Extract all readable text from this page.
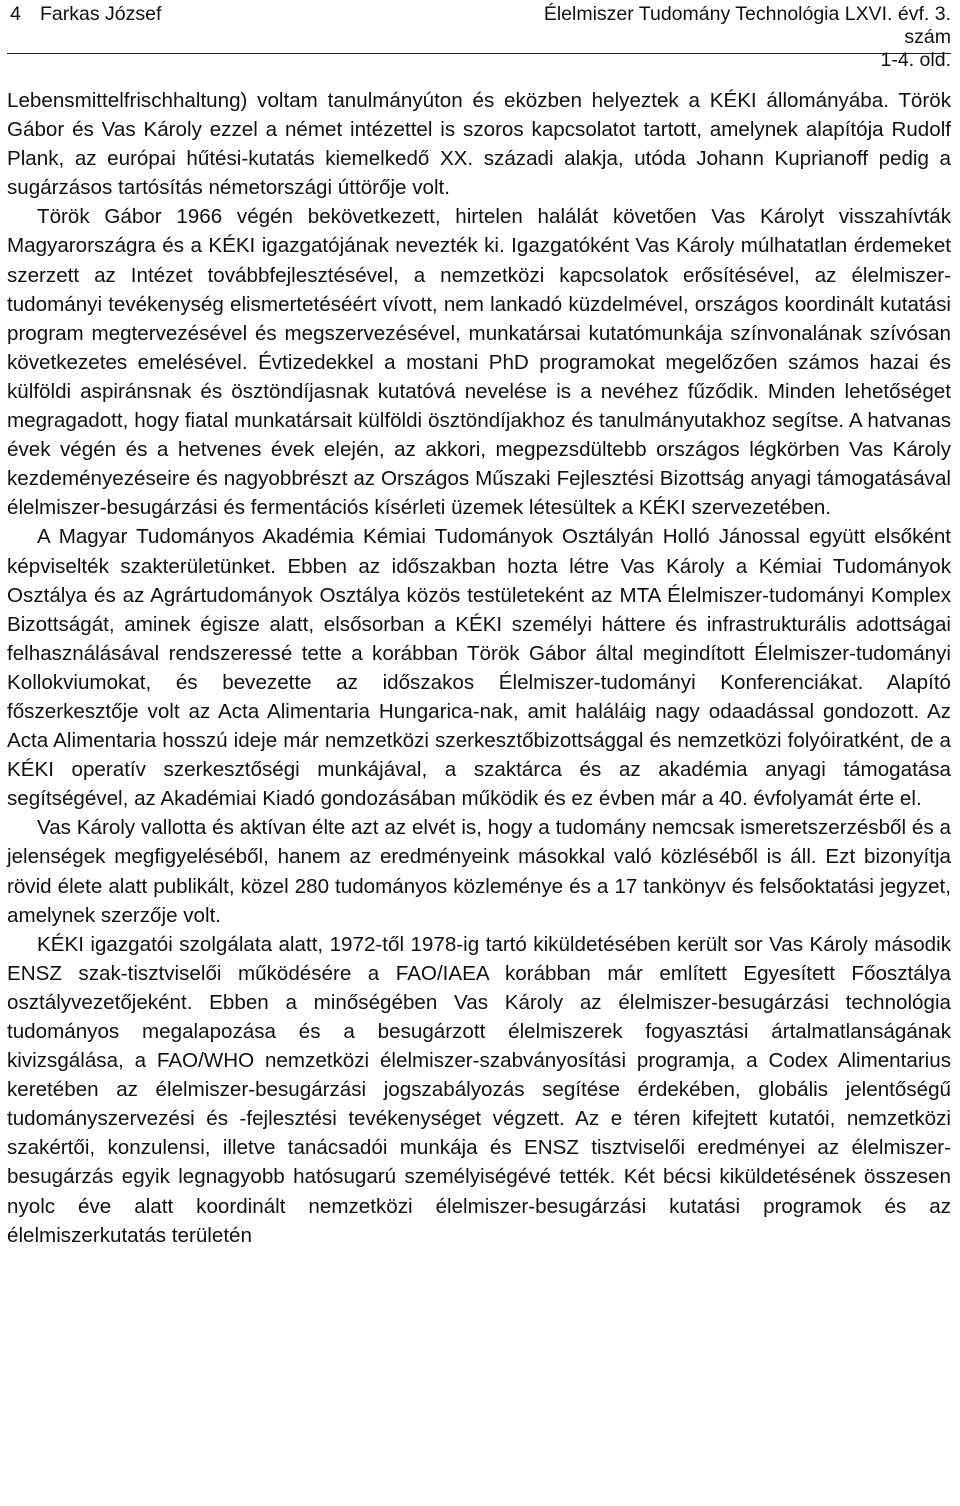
4 Farkas József	Élelmiszer Tudomány Technológia LXVI. évf. 3. szám
1-4. old.

Lebensmittelfrischhaltung) voltam tanulmányúton és eközben helyeztek a KÉKI állományába. Török Gábor és Vas Károly ezzel a német intézettel is szoros kapcsolatot tartott, amelynek alapítója Rudolf Plank, az európai hűtési-kutatás kiemelkedő XX. századi alakja, utóda Johann Kuprianoff pedig a sugárzásos tartósítás németországi úttörője volt.

Török Gábor 1966 végén bekövetkezett, hirtelen halálát követően Vas Károlyt visszahívták Magyarországra és a KÉKI igazgatójának nevezték ki. Igazgatóként Vas Károly múlhatatlan érdemeket szerzett az Intézet továbbfejlesztésével, a nemzetközi kapcsolatok erősítésével, az élelmiszer-tudományi tevékenység elismertetéséért vívott, nem lankadó küzdelmével, országos koordinált kutatási program megtervezésével és megszervezésével, munkatársai kutatómunkája színvonalának szívósan következetes emelésével. Évtizedekkel a mostani PhD programokat megelőzően számos hazai és külföldi aspiránsnak és ösztöndíjasnak kutatóvá nevelése is a nevéhez fűződik. Minden lehetőséget megragadott, hogy fiatal munkatársait külföldi ösztöndíjakhoz és tanulmányutakhoz segítse. A hatvanas évek végén és a hetvenes évek elején, az akkori, megpezsdültebb országos légkörben Vas Károly kezdeményezéseire és nagyobbrészt az Országos Műszaki Fejlesztési Bizottság anyagi támogatásával élelmiszer-besugárzási és fermentációs kísérleti üzemek létesültek a KÉKI szervezetében.

A Magyar Tudományos Akadémia Kémiai Tudományok Osztályán Holló Jánossal együtt elsőként képviselték szakterületünket. Ebben az időszakban hozta létre Vas Károly a Kémiai Tudományok Osztálya és az Agrártudományok Osztálya közös testületeként az MTA Élelmiszer-tudományi Komplex Bizottságát, aminek égisze alatt, elsősorban a KÉKI személyi háttere és infrastrukturális adottságai felhasználásával rendszeressé tette a korábban Török Gábor által megindított Élelmiszer-tudományi Kollokviumokat, és bevezette az időszakos Élelmiszer-tudományi Konferenciákat. Alapító főszerkesztője volt az Acta Alimentaria Hungarica-nak, amit haláláig nagy odaadással gondozott. Az Acta Alimentaria hosszú ideje már nemzetközi szerkesztőbizottsággal és nemzetközi folyóiratként, de a KÉKI operatív szerkesztőségi munkájával, a szaktárca és az akadémia anyagi támogatása segítségével, az Akadémiai Kiadó gondozásában működik és ez évben már a 40. évfolyamát érte el.

Vas Károly vallotta és aktívan élte azt az elvét is, hogy a tudomány nemcsak ismeretszerzésből és a jelenségek megfigyeléséből, hanem az eredményeink másokkal való közléséből is áll. Ezt bizonyítja rövid élete alatt publikált, közel 280 tudományos közleménye és a 17 tankönyv és felsőoktatási jegyzet, amelynek szerzője volt.

KÉKI igazgatói szolgálata alatt, 1972-től 1978-ig tartó kiküldetésében került sor Vas Károly második ENSZ szak-tisztviselői működésére a FAO/IAEA korábban már említett Egyesített Főosztálya osztályvezetőjeként. Ebben a minőségében Vas Károly az élelmiszer-besugárzási technológia tudományos megalapozása és a besugárzott élelmiszerek fogyasztási ártalmatlanságának kivizsgálása, a FAO/WHO nemzetközi élelmiszer-szabványosítási programja, a Codex Alimentarius keretében az élelmiszer-besugárzási jogszabályozás segítése érdekében, globális jelentőségű tudományszervezési és -fejlesztési tevékenységet végzett. Az e téren kifejtett kutatói, nemzetközi szakértői, konzulensi, illetve tanácsadói munkája és ENSZ tisztviselői eredményei az élelmiszer-besugárzás egyik legnagyobb hatósugarú személyiségévé tették. Két bécsi kiküldetésének összesen nyolc éve alatt koordinált nemzetközi élelmiszer-besugárzási kutatási programok és az élelmiszerkutatás területén
